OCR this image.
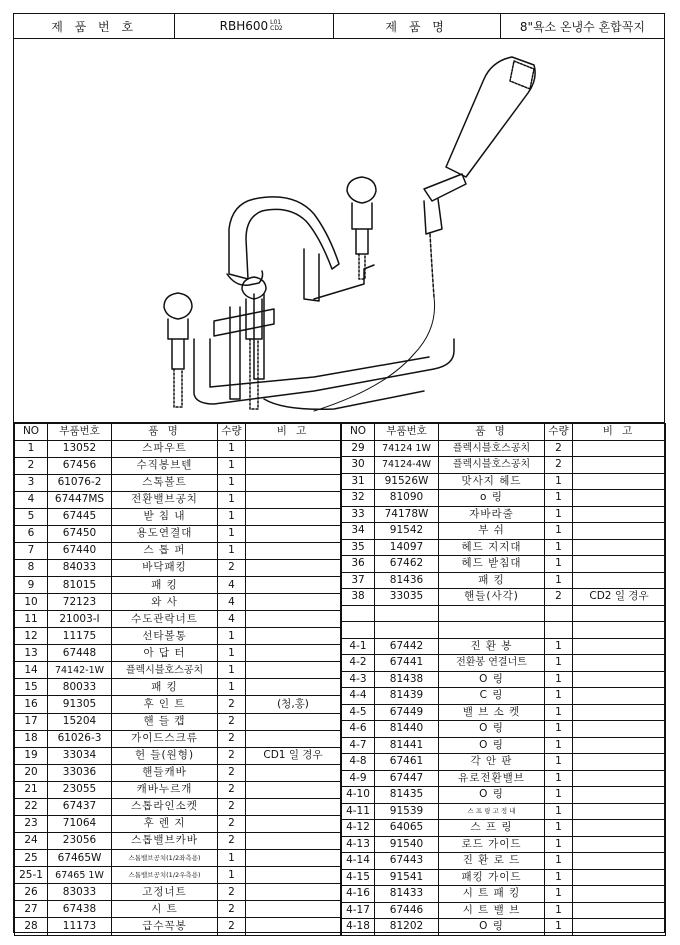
제 품 번 호	RBH600 L01 CD2	제 품 명	8"욕소 온냉수 혼합꼭지
NO	부품번호	품 명	수량	비 고
1	13052	스파우트	1	
2	67456	수직봉브텐	1	
3	61076-2	스톡볼트	1	
4	67447MS	전환밸브공치	1	
5	67445	받 침 내	1	
6	67450	용도연결대	1	
7	67440	스 톱 퍼	1	
8	84033	바닥패킹	2	
9	81015	패 킹	4	
10	72123	와 사	4	
11	21003-I	수도관락너트	4	
12	11175	선타볼통	1	
13	67448	아 답 터	1	
14	74142-1W	플렉시블호스공치	1	
15	80033	패 킹	1	
16	91305	후 인 트	2	(청,홍)
17	15204	핸 들 캡	2	
18	61026-3	가이드스크류	2	
19	33034	헌 들(원형)	2	CD1 일 경우
20	33036	핸들캐바	2	
21	23055	캐바누르개	2	
22	67437	스톱라인소켓	2	
23	71064	후 렌 지	2	
24	23056	스톱밸브카바	2	
25	67465W	스톱밸브공치(1/2좌측용)	1	
25-1	67465 1W	스톱밸브공치(1/2우측용)	1	
26	83033	고정너트	2	
27	67438	시 트	2	
28	11173	급수꼭봉	2	
NO	부품번호	품 명	수량	비 고
29	74124 1W	플렉시블호스공치	2	
30	74124-4W	플렉시블호스공치	2	
31	91526W	맛사지 헤드	1	
32	81090	o 링	1	
33	74178W	자바라줄	1	
34	91542	부 쉬	1	
35	14097	헤드 지지대	1	
36	67462	헤드 받침대	1	
37	81436	패 킹	1	
38	33035	핸들(사각)	2	CD2 일 경우

4-1	67442	진 환 봉	1	
4-2	67441	전환봉 연결너트	1	
4-3	81438	O 링	1	
4-4	81439	C 링	1	
4-5	67449	밸 브 소 켓	1	
4-6	81440	O 링	1	
4-7	81441	O 링	1	
4-8	67461	각 안 판	1	
4-9	67447	유로전환밸브	1	
4-10	81435	O 링	1	
4-11	91539	스 프 링 고 정 내	1	
4-12	64065	스 프 링	1	
4-13	91540	로드 가이드	1	
4-14	67443	진 환 로 드	1	
4-15	91541	패킹 가이드	1	
4-16	81433	시 트 패 킹	1	
4-17	67446	시 트 밸 브	1	
4-18	81202	O 링	1	
